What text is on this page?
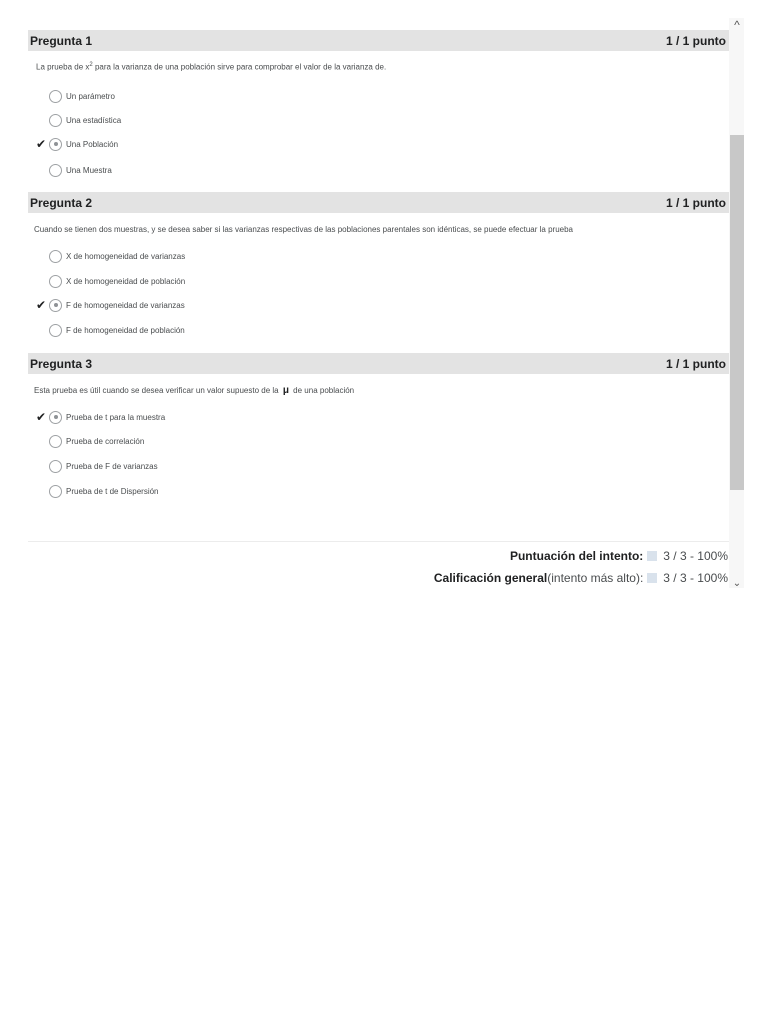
Pregunta 1	1 / 1 punto
La prueba de $x^2$ para la varianza de una población sirve para comprobar el valor de la varianza de.
Un parámetro
Una estadística
✔	Una Población
Una Muestra
Pregunta 2	1 / 1 punto
Cuando se tienen dos muestras, y se desea saber si las varianzas respectivas de las poblaciones parentales son idénticas, se puede efectuar la prueba
X de homogeneidad de varianzas
X de homogeneidad de población
✔	F de homogeneidad de varianzas
F de homogeneidad de población
Pregunta 3	1 / 1 punto
Esta prueba es útil cuando se desea verificar un valor supuesto de la μ de una población
✔	Prueba de t para la muestra
Prueba de correlación
Prueba de F de varianzas
Prueba de t de Dispersión
Puntuación del intento: 3 / 3 - 100%
Calificación general (intento más alto): 3 / 3 - 100%
^
⌄
